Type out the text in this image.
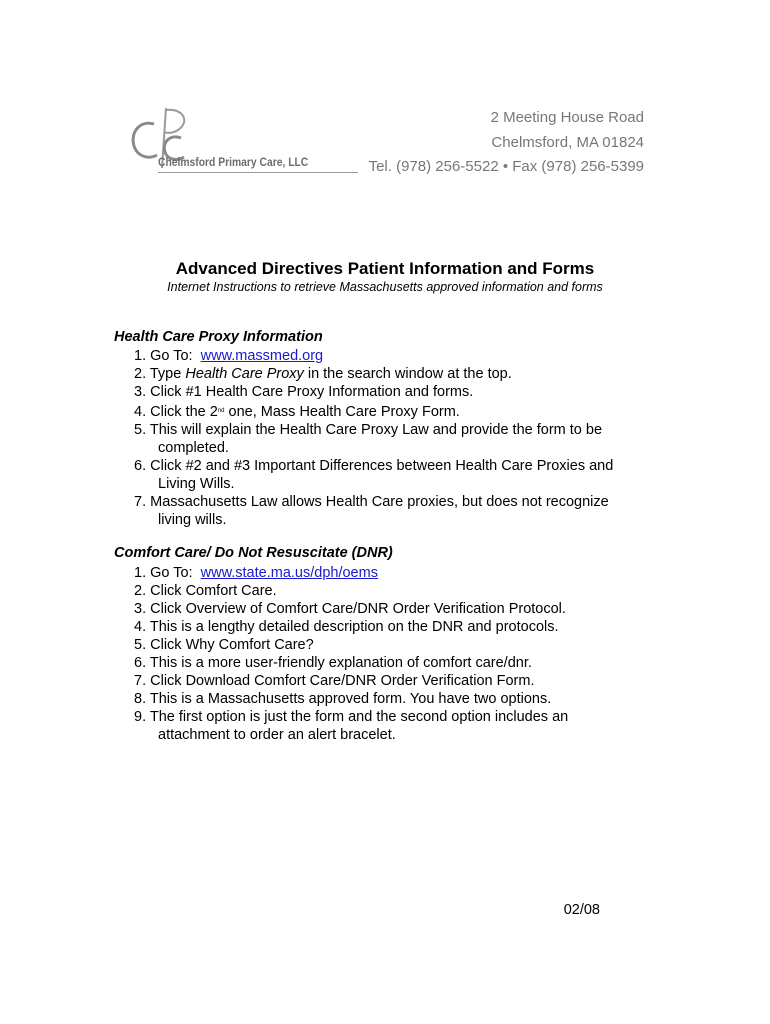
Chelmsford Primary Care, LLC
2 Meeting House Road
Chelmsford, MA 01824
Tel. (978) 256-5522 • Fax (978) 256-5399
Advanced Directives Patient Information and Forms
Internet Instructions to retrieve Massachusetts approved information and forms
Health Care Proxy Information
1. Go To:  www.massmed.org
2. Type Health Care Proxy in the search window at the top.
3. Click #1 Health Care Proxy Information and forms.
4. Click the 2nd one, Mass Health Care Proxy Form.
5. This will explain the Health Care Proxy Law and provide the form to be
completed.
6. Click #2 and #3 Important Differences between Health Care Proxies and
Living Wills.
7. Massachusetts Law allows Health Care proxies, but does not recognize
living wills.
Comfort Care/ Do Not Resuscitate (DNR)
1. Go To:  www.state.ma.us/dph/oems
2. Click Comfort Care.
3. Click Overview of Comfort Care/DNR Order Verification Protocol.
4. This is a lengthy detailed description on the DNR and protocols.
5. Click Why Comfort Care?
6. This is a more user-friendly explanation of comfort care/dnr.
7. Click Download Comfort Care/DNR Order Verification Form.
8. This is a Massachusetts approved form. You have two options.
9. The first option is just the form and the second option includes an
attachment to order an alert bracelet.
02/08
